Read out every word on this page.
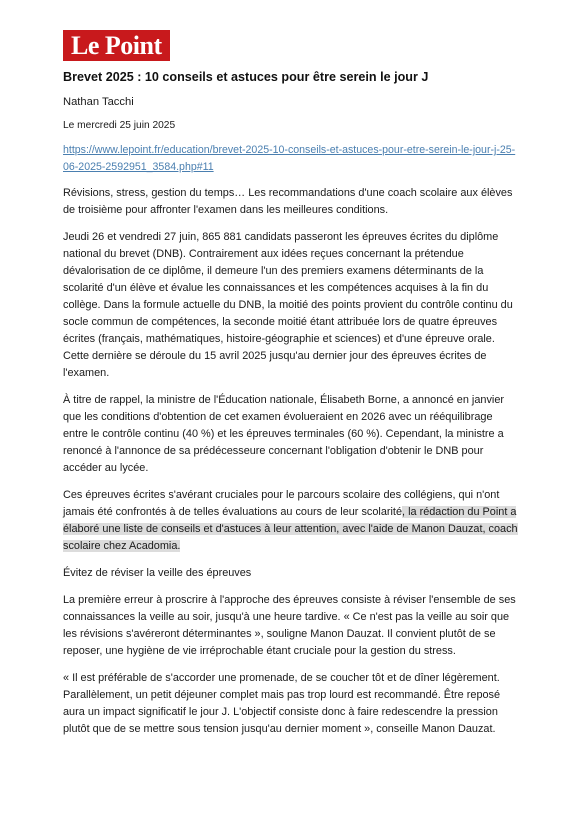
Le Point
Brevet 2025 : 10 conseils et astuces pour être serein le jour J
Nathan Tacchi
Le mercredi 25 juin 2025
https://www.lepoint.fr/education/brevet-2025-10-conseils-et-astuces-pour-etre-serein-le-jour-j-25-06-2025-2592951_3584.php#11

Révisions, stress, gestion du temps… Les recommandations d'une coach scolaire aux élèves de troisième pour affronter l'examen dans les meilleures conditions.

Jeudi 26 et vendredi 27 juin, 865 881 candidats passeront les épreuves écrites du diplôme national du brevet (DNB). Contrairement aux idées reçues concernant la prétendue dévalorisation de ce diplôme, il demeure l'un des premiers examens déterminants de la scolarité d'un élève et évalue les connaissances et les compétences acquises à la fin du collège. Dans la formule actuelle du DNB, la moitié des points provient du contrôle continu du socle commun de compétences, la seconde moitié étant attribuée lors de quatre épreuves écrites (français, mathématiques, histoire-géographie et sciences) et d'une épreuve orale. Cette dernière se déroule du 15 avril 2025 jusqu'au dernier jour des épreuves écrites de l'examen.

À titre de rappel, la ministre de l'Éducation nationale, Élisabeth Borne, a annoncé en janvier que les conditions d'obtention de cet examen évolueraient en 2026 avec un rééquilibrage entre le contrôle continu (40 %) et les épreuves terminales (60 %). Cependant, la ministre a renoncé à l'annonce de sa prédécesseure concernant l'obligation d'obtenir le DNB pour accéder au lycée.

Ces épreuves écrites s'avérant cruciales pour le parcours scolaire des collégiens, qui n'ont jamais été confrontés à de telles évaluations au cours de leur scolarité, la rédaction du Point a élaboré une liste de conseils et d'astuces à leur attention, avec l'aide de Manon Dauzat, coach scolaire chez Acadomia.

Évitez de réviser la veille des épreuves

La première erreur à proscrire à l'approche des épreuves consiste à réviser l'ensemble de ses connaissances la veille au soir, jusqu'à une heure tardive. « Ce n'est pas la veille au soir que les révisions s'avéreront déterminantes », souligne Manon Dauzat. Il convient plutôt de se reposer, une hygiène de vie irréprochable étant cruciale pour la gestion du stress.

« Il est préférable de s'accorder une promenade, de se coucher tôt et de dîner légèrement. Parallèlement, un petit déjeuner complet mais pas trop lourd est recommandé. Être reposé aura un impact significatif le jour J. L'objectif consiste donc à faire redescendre la pression plutôt que de se mettre sous tension jusqu'au dernier moment », conseille Manon Dauzat.
